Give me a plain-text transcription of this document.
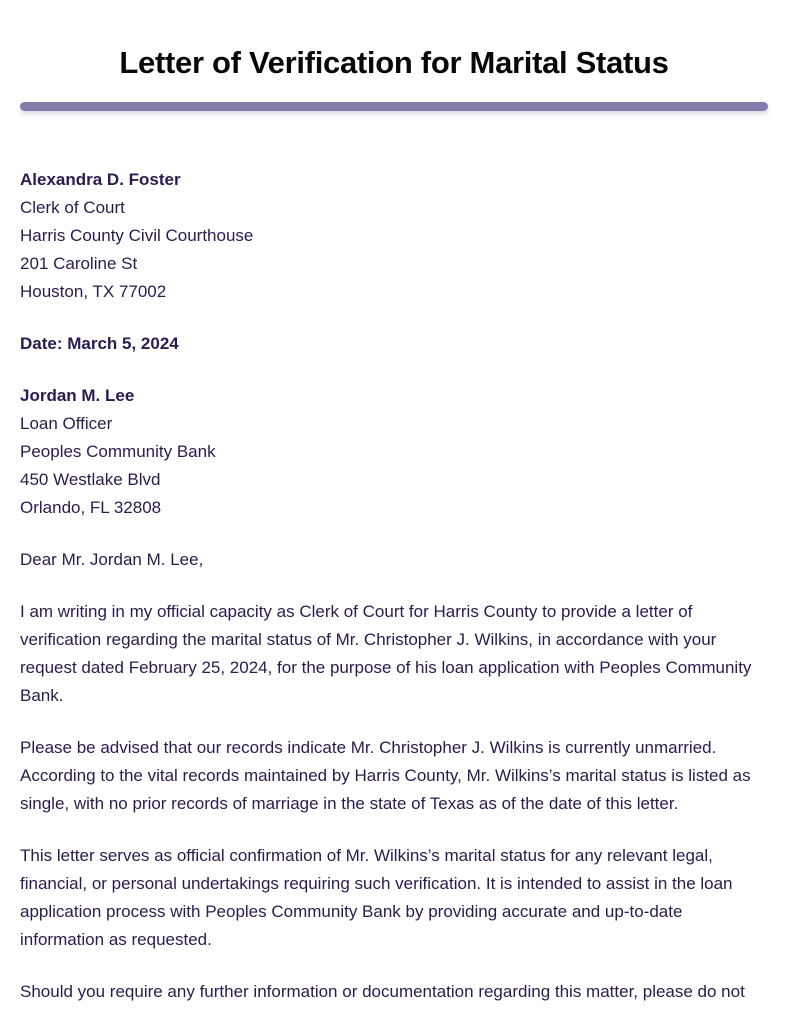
Letter of Verification for Marital Status
Alexandra D. Foster
Clerk of Court
Harris County Civil Courthouse
201 Caroline St
Houston, TX 77002
Date: March 5, 2024
Jordan M. Lee
Loan Officer
Peoples Community Bank
450 Westlake Blvd
Orlando, FL 32808

Dear Mr. Jordan M. Lee,

I am writing in my official capacity as Clerk of Court for Harris County to provide a letter of verification regarding the marital status of Mr. Christopher J. Wilkins, in accordance with your request dated February 25, 2024, for the purpose of his loan application with Peoples Community Bank.

Please be advised that our records indicate Mr. Christopher J. Wilkins is currently unmarried. According to the vital records maintained by Harris County, Mr. Wilkins’s marital status is listed as single, with no prior records of marriage in the state of Texas as of the date of this letter.

This letter serves as official confirmation of Mr. Wilkins’s marital status for any relevant legal, financial, or personal undertakings requiring such verification. It is intended to assist in the loan application process with Peoples Community Bank by providing accurate and up-to-date information as requested.

Should you require any further information or documentation regarding this matter, please do not
